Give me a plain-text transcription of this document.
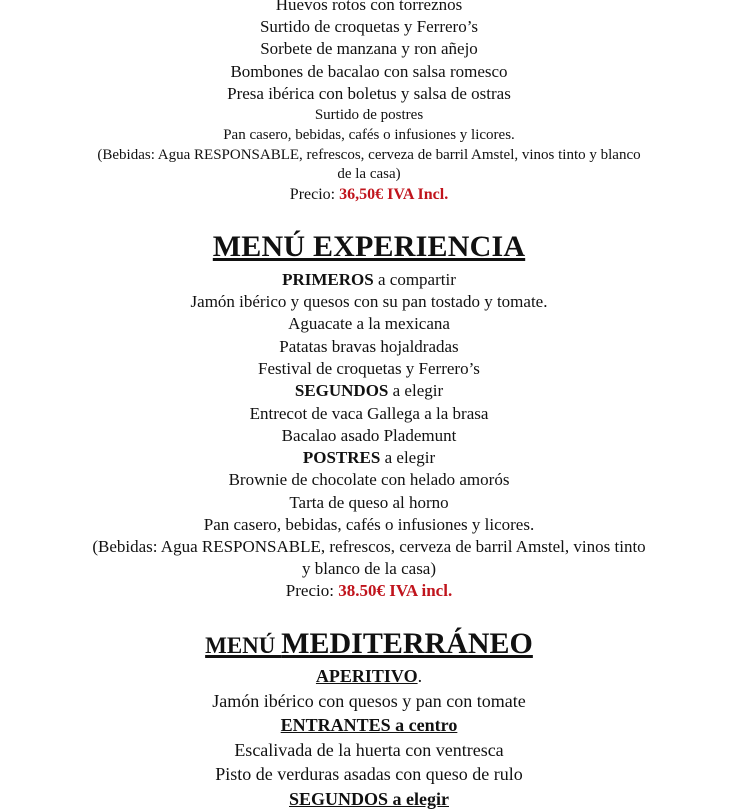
Huevos rotos con torreznos
Surtido de croquetas y Ferrero’s
Sorbete de manzana y ron añejo
Bombones de bacalao con salsa romesco
Presa ibérica con boletus y salsa de ostras
Surtido de postres
Pan casero, bebidas, cafés o infusiones y licores.
(Bebidas: Agua RESPONSABLE, refrescos, cerveza de barril Amstel, vinos tinto y blanco
de la casa)
Precio: 36,50€ IVA Incl.
MENÚ EXPERIENCIA
PRIMEROS a compartir
Jamón ibérico y quesos con su pan tostado y tomate.
Aguacate a la mexicana
Patatas bravas hojaldradas
Festival de croquetas y Ferrero’s
SEGUNDOS a elegir
Entrecot de vaca Gallega a la brasa
Bacalao asado Plademunt
POSTRES a elegir
Brownie de chocolate con helado amorós
Tarta de queso al horno
Pan casero, bebidas, cafés o infusiones y licores.
(Bebidas: Agua RESPONSABLE, refrescos, cerveza de barril Amstel, vinos tinto
y blanco de la casa)
Precio: 38.50€ IVA incl.
MENÚ MEDITERRÁNEO
APERITIVO.
Jamón ibérico con quesos y pan con tomate
ENTRANTES a centro
Escalivada de la huerta con ventresca
Pisto de verduras asadas con queso de rulo
SEGUNDOS a elegir
